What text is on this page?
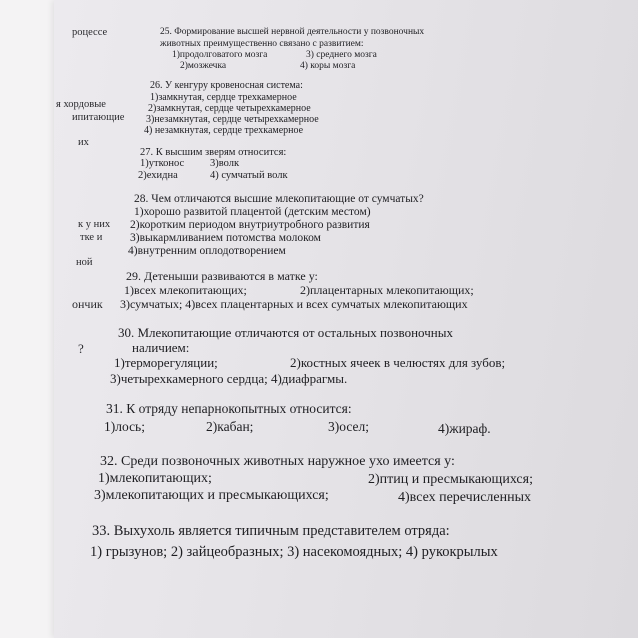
роцессе
я хордовые
ипитающие
их
к у них
тке и
ной
ончик
?
25. Формирование высшей нервной деятельности у позвоночных
животных преимущественно связано с развитием:
1)продолговатого мозга	3) среднего мозга
2)мозжечка	4) коры мозга
26. У кенгуру кровеносная система:
1)замкнутая, сердце трехкамерное
2)замкнутая, сердце четырехкамерное
3)незамкнутая, сердце четырехкамерное
4) незамкнутая, сердце трехкамерное
27. К высшим зверям относится:
1)утконос 3)волк
2)ехидна	4) сумчатый волк
28. Чем отличаются высшие млекопитающие от сумчатых?
1)хорошо развитой плацентой (детским местом)
2)коротким периодом внутриутробного развития
3)выкармливанием потомства молоком
4)внутренним оплодотворением
29. Детеныши развиваются в матке у:
1)всех млекопитающих;	2)плацентарных млекопитающих;
3)сумчатых; 4)всех плацентарных и всех сумчатых млекопитающих
30. Млекопитающие отличаются от остальных позвоночных
наличием:
1)терморегуляции;	2)костных ячеек в челюстях для зубов;
3)четырехкамерного сердца; 4)диафрагмы.
31. К отряду непарнокопытных относится:
1)лось;	2)кабан;	3)осел;	4)жираф.
32. Среди позвоночных животных наружное ухо имеется у:
1)млекопитающих;	2)птиц и пресмыкающихся;
3)млекопитающих и пресмыкающихся;	4)всех перечисленных
33. Выхухоль является типичным представителем отряда:
1) грызунов; 2) зайцеобразных; 3) насекомоядных; 4) рукокрылых
